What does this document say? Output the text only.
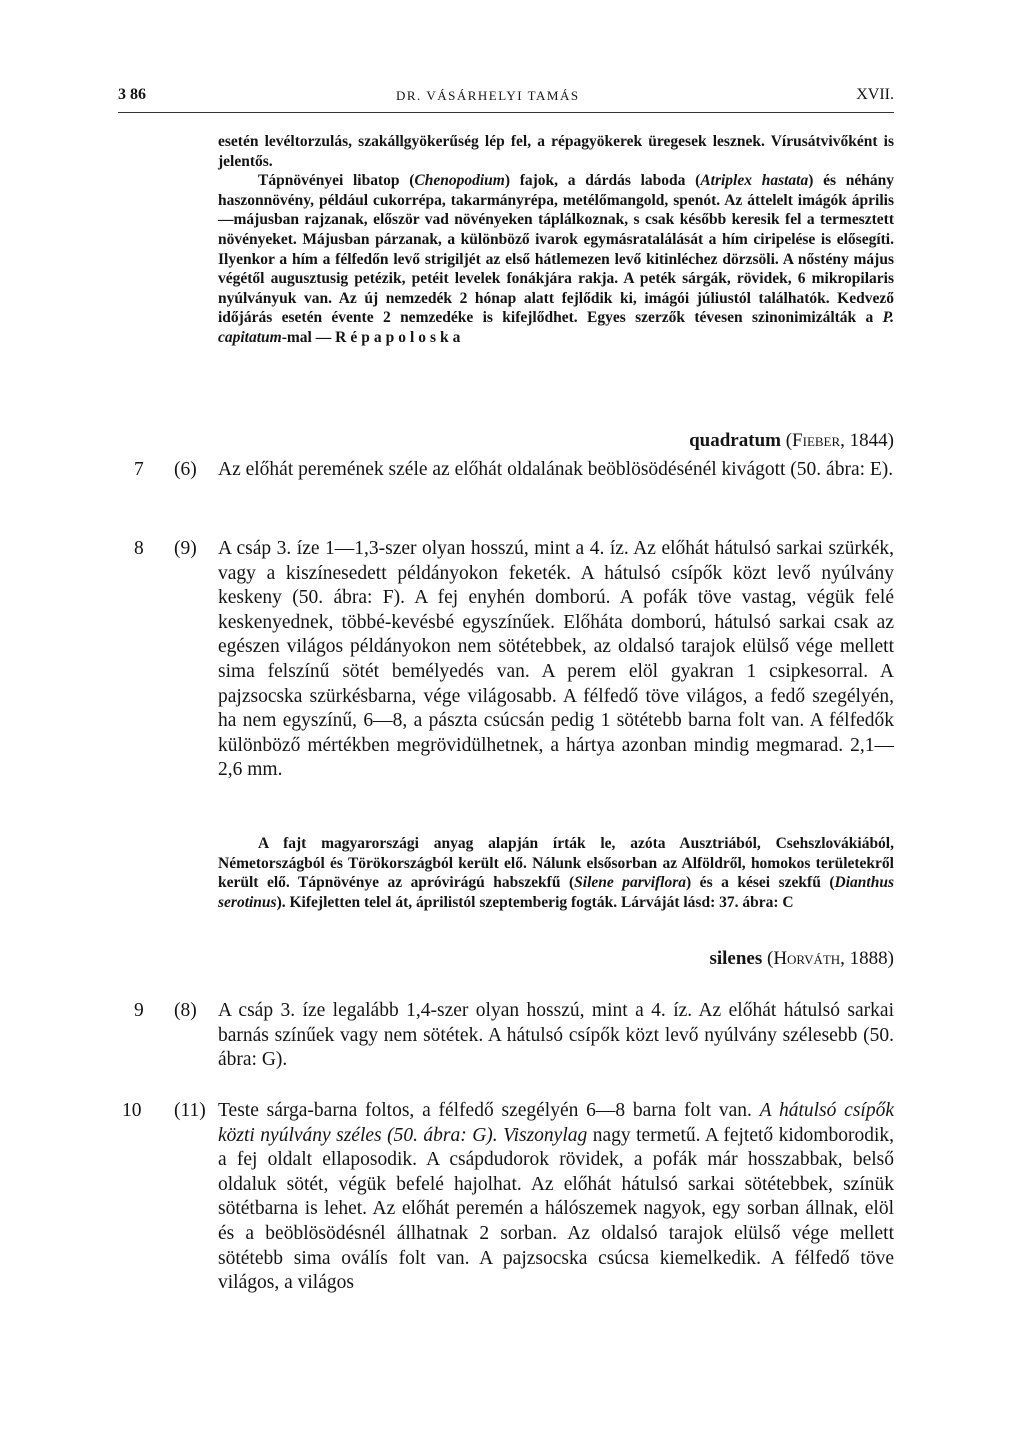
3 86	DR. VÁSÁRHELYI TAMÁS	XVII.

esetén levéltorzulás, szakállgyökerűség lép fel, a répagyökerek üregesek lesznek. Vírusátvivőként is jelentős.

Tápnövényei libatop (Chenopodium) fajok, a dárdás laboda (Atriplex hastata) és néhány haszonnövény, például cukorrépa, takarmányrépa, metélőmangold, spenót. Az áttelelt imágók április—májusban rajzanak, először vad növényeken táplálkoznak, s csak később keresik fel a termesztett növényeket. Májusban párzanak, a különböző ivarok egymásratalálását a hím ciripelése is elősegíti. Ilyenkor a hím a félfedőn levő strigiljét az első hátlemezen levő kitinléchez dörzsöli. A nőstény május végétől augusztusig petézik, petéit levelek fonákjára rakja. A peték sárgák, rövidek, 6 mikropilaris nyúlványuk van. Az új nemzedék 2 hónap alatt fejlődik ki, imágói júliustól találhatók. Kedvező időjárás esetén évente 2 nemzedéke is kifejlődhet. Egyes szerzők tévesen szinonimizálták a P. capitatum-mal — Répapoloska

quadratum (Fieber, 1844)
7 (6) Az előhát peremének széle az előhát oldalának beöblösödésénél kivágott (50. ábra: E).

8 (9) A csáp 3. íze 1—1,3-szer olyan hosszú, mint a 4. íz. Az előhát hátulsó sarkai szürkék, vagy a kiszínesedett példányokon feketék. A hátulsó csípők közt levő nyúlvány keskeny (50. ábra: F). A fej enyhén domború. A pofák töve vastag, végük felé keskenyednek, többé-kevésbé egyszínűek. Előháta domború, hátulsó sarkai csak az egészen világos példányokon nem sötétebbek, az oldalsó tarajok elülső vége mellett sima felszínű sötét bemélyedés van. A perem elöl gyakran 1 csipkesorral. A pajzsocska szürkésbarna, vége világosabb. A félfedő töve világos, a fedő szegélyén, ha nem egyszínű, 6—8, a pászta csúcsán pedig 1 sötétebb barna folt van. A félfedők különböző mértékben megrövidülhetnek, a hártya azonban mindig megmarad. 2,1—2,6 mm.

A fajt magyarországi anyag alapján írták le, azóta Ausztriából, Csehszlovákiából, Németországból és Törökországból került elő. Nálunk elsősorban az Alföldről, homokos területekről került elő. Tápnövénye az apróvirágú habszekfű (Silene parviflora) és a kései szekfű (Dianthus serotinus). Kifejletten telel át, áprilistól szeptemberig fogták. Lárváját lásd: 37. ábra: C

silenes (Horváth, 1888)
9 (8) A csáp 3. íze legalább 1,4-szer olyan hosszú, mint a 4. íz. Az előhát hátulsó sarkai barnás színűek vagy nem sötétek. A hátulsó csípők közt levő nyúlvány szélesebb (50. ábra: G).

10 (11) Teste sárga-barna foltos, a félfedő szegélyén 6—8 barna folt van. A hátulsó csípők közti nyúlvány széles (50. ábra: G). Viszonylag nagy termetű. A fejtető kidomborodik, a fej oldalt ellaposodik. A csápdudorok rövidek, a pofák már hosszabbak, belső oldaluk sötét, végük befelé hajolhat. Az előhát hátulsó sarkai sötétebbek, színük sötétbarna is lehet. Az előhát peremén a hálószemek nagyok, egy sorban állnak, elöl és a beöblösödésnél állhatnak 2 sorban. Az oldalsó tarajok elülső vége mellett sötétebb sima oválís folt van. A pajzsocska csúcsa kiemelkedik. A félfedő töve világos, a világos
